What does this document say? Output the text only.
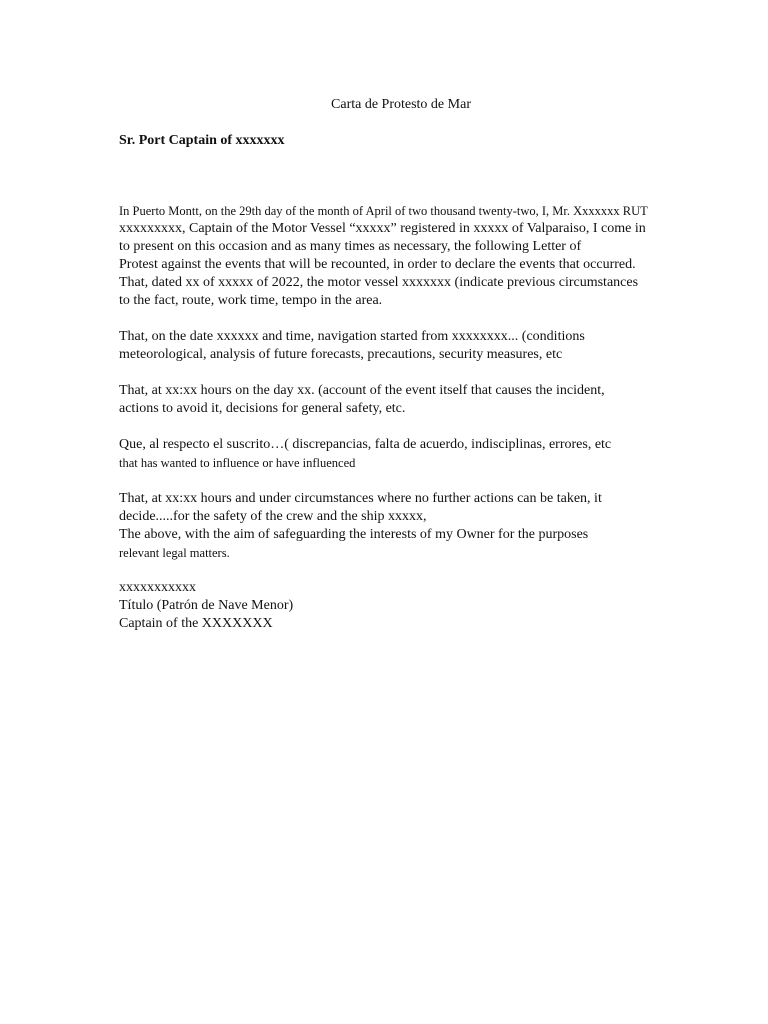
Carta de Protesto de Mar
Sr. Port Captain of xxxxxxx
In Puerto Montt, on the 29th day of the month of April of two thousand twenty-two, I, Mr. Xxxxxxx RUT
xxxxxxxxx, Captain of the Motor Vessel “xxxxx” registered in xxxxx of Valparaiso, I come in
to present on this occasion and as many times as necessary, the following Letter of
Protest against the events that will be recounted, in order to declare the events that occurred.
That, dated xx of xxxxx of 2022, the motor vessel xxxxxxx (indicate previous circumstances
to the fact, route, work time, tempo in the area.
That, on the date xxxxxx and time, navigation started from xxxxxxxx... (conditions
meteorological, analysis of future forecasts, precautions, security measures, etc
That, at xx:xx hours on the day xx. (account of the event itself that causes the incident,
actions to avoid it, decisions for general safety, etc.
Que, al respecto el suscrito…( discrepancias, falta de acuerdo, indisciplinas, errores, etc
that has wanted to influence or have influenced
That, at xx:xx hours and under circumstances where no further actions can be taken, it
decide.....for the safety of the crew and the ship xxxxx,
The above, with the aim of safeguarding the interests of my Owner for the purposes
relevant legal matters.
xxxxxxxxxxx
Título (Patrón de Nave Menor)
Captain of the XXXXXXX
